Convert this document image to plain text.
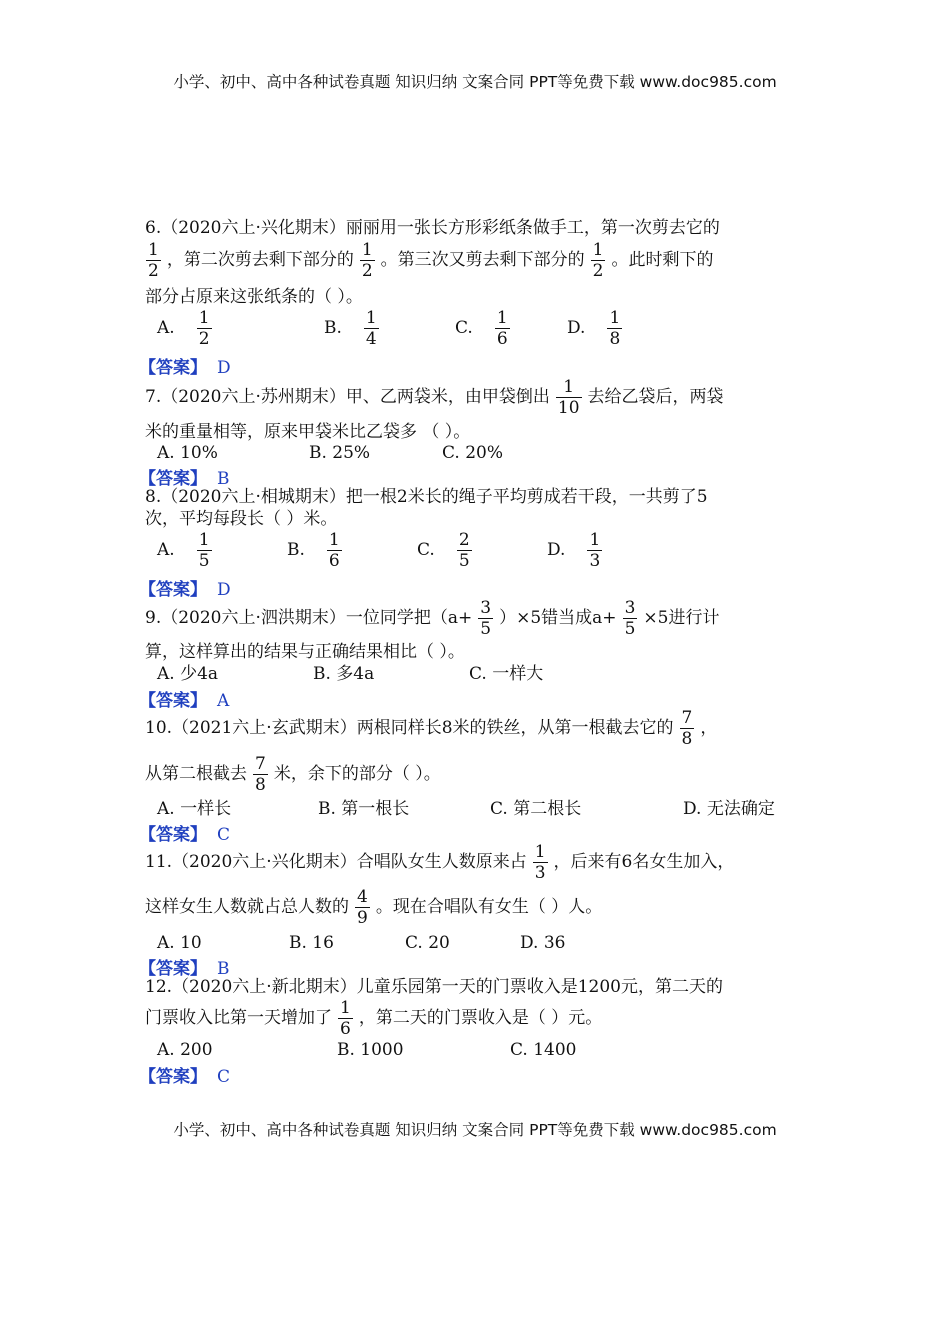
小学、初中、高中各种试卷真题 知识归纳 文案合同 PPT等免费下载 www.doc985.com
6.（2020六上·兴化期末）丽丽用一张长方形彩纸条做手工，第一次剪去它的
$\frac{1}{2}$ ，第二次剪去剩下部分的 $\frac{1}{2}$ 。第三次又剪去剩下部分的 $\frac{1}{2}$ 。此时剩下的
部分占原来这张纸条的（ ）。
A. $\frac{1}{2}$	B. $\frac{1}{4}$	C. $\frac{1}{6}$	D. $\frac{1}{8}$
【答案】 D
7.（2020六上·苏州期末）甲、乙两袋米，由甲袋倒出 $\frac{1}{10}$ 去给乙袋后，两袋
米的重量相等，原来甲袋米比乙袋多 （ ）。
A. 10%	B. 25%	C. 20%
【答案】 B
8.（2020六上·相城期末）把一根2米长的绳子平均剪成若干段，一共剪了5
次，平均每段长（ ）米。
A. $\frac{1}{5}$	B. $\frac{1}{6}$	C. $\frac{2}{5}$	D. $\frac{1}{3}$
【答案】 D
9.（2020六上·泗洪期末）一位同学把$(a+ \frac{3}{5} )\times 5$错当成$a+ \frac{3}{5} \times 5$进行计
算，这样算出的结果与正确结果相比（ ）。
A. 少4a	B. 多4a	C. 一样大
【答案】 A
10.（2021六上·玄武期末）两根同样长8米的铁丝，从第一根截去它的 $\frac{7}{8}$ ，
从第二根截去 $\frac{7}{8}$ 米，余下的部分（ ）。
A. 一样长	B. 第一根长	C. 第二根长	D. 无法确定
【答案】 C
11.（2020六上·兴化期末）合唱队女生人数原来占 $\frac{1}{3}$ ，后来有6名女生加入，
这样女生人数就占总人数的 $\frac{4}{9}$ 。现在合唱队有女生（ ）人。
A. 10	B. 16	C. 20	D. 36
【答案】 B
12.（2020六上·新北期末）儿童乐园第一天的门票收入是1200元，第二天的
门票收入比第一天增加了 $\frac{1}{6}$ ，第二天的门票收入是（ ）元。
A. 200	B. 1000	C. 1400
【答案】 C
小学、初中、高中各种试卷真题 知识归纳 文案合同 PPT等免费下载 www.doc985.com
